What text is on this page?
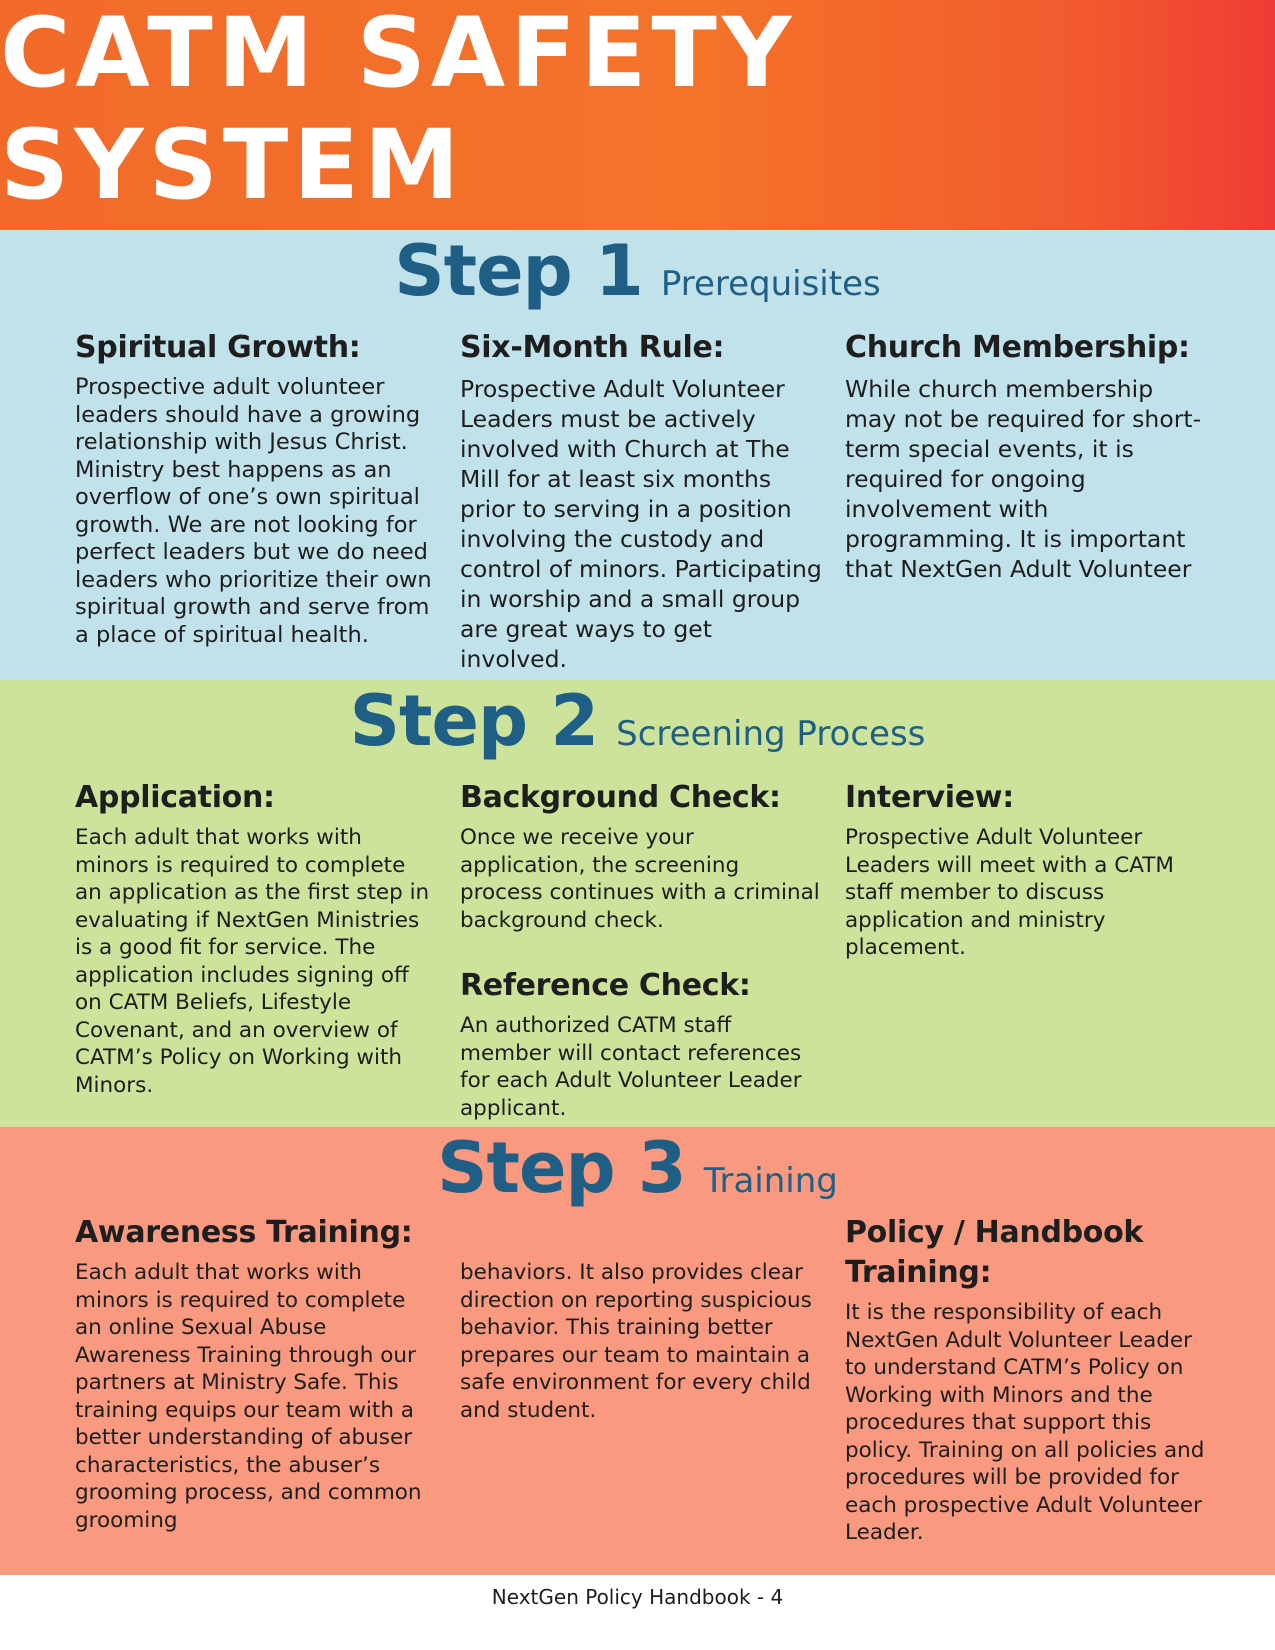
CATM SAFETY SYSTEM
Step 1 Prerequisites
Spiritual Growth:

Prospective adult volunteer leaders should have a growing relationship with Jesus Christ. Ministry best happens as an overflow of one’s own spiritual growth. We are not looking for perfect leaders but we do need leaders who prioritize their own spiritual growth and serve from a place of spiritual health.

Six-Month Rule:

Prospective Adult Volunteer Leaders must be actively involved with Church at The Mill for at least six months prior to serving in a position involving the custody and control of minors. Participating in worship and a small group are great ways to get involved.

Church Membership:

While church membership may not be required for short-term special events, it is required for ongoing involvement with programming. It is important that NextGen Adult Volunteer

Step 2 Screening Process
Application:

Each adult that works with minors is required to complete an application as the first step in evaluating if NextGen Ministries is a good fit for service. The application includes signing off on CATM Beliefs, Lifestyle Covenant, and an overview of CATM’s Policy on Working with Minors.

Background Check:

Once we receive your application, the screening process continues with a criminal background check.

Reference Check:

An authorized CATM staff member will contact references for each Adult Volunteer Leader applicant.

Interview:

Prospective Adult Volunteer Leaders will meet with a CATM staff member to discuss application and ministry placement.

Step 3 Training
Awareness Training:

Each adult that works with minors is required to complete an online Sexual Abuse Awareness Training through our partners at Ministry Safe. This training equips our team with a better understanding of abuser characteristics, the abuser’s grooming process, and common grooming

behaviors. It also provides clear direction on reporting suspicious behavior. This training better prepares our team to maintain a safe environment for every child and student.

Policy / Handbook Training:

It is the responsibility of each NextGen Adult Volunteer Leader to understand CATM’s Policy on Working with Minors and the procedures that support this policy. Training on all policies and procedures will be provided for each prospective Adult Volunteer Leader.

NextGen Policy Handbook - 4
